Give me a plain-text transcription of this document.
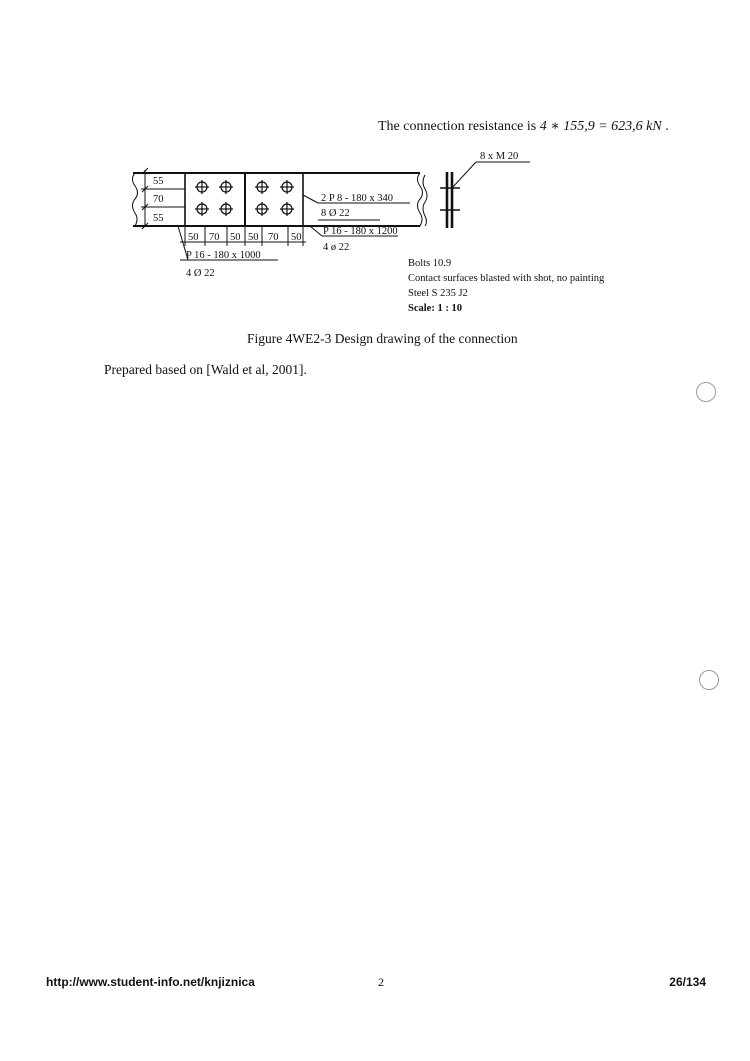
The connection resistance is 4 ∗ 155,9 = 623,6 kN .
8 x M 20
55
70
55
50 70 50 50 70 50
2 P 8 - 180 x 340
8 Ø 22
P 16 - 180 x 1200
4 ø 22
P 16 - 180 x 1000
4 Ø 22
Bolts 10.9
Contact surfaces blasted with shot, no painting
Steel S 235 J2
Scale: 1 : 10
Figure 4WE2-3 Design drawing of the connection
Prepared based on [Wald et al, 2001].
http://www.student-info.net/knjiznica	2	26/134
